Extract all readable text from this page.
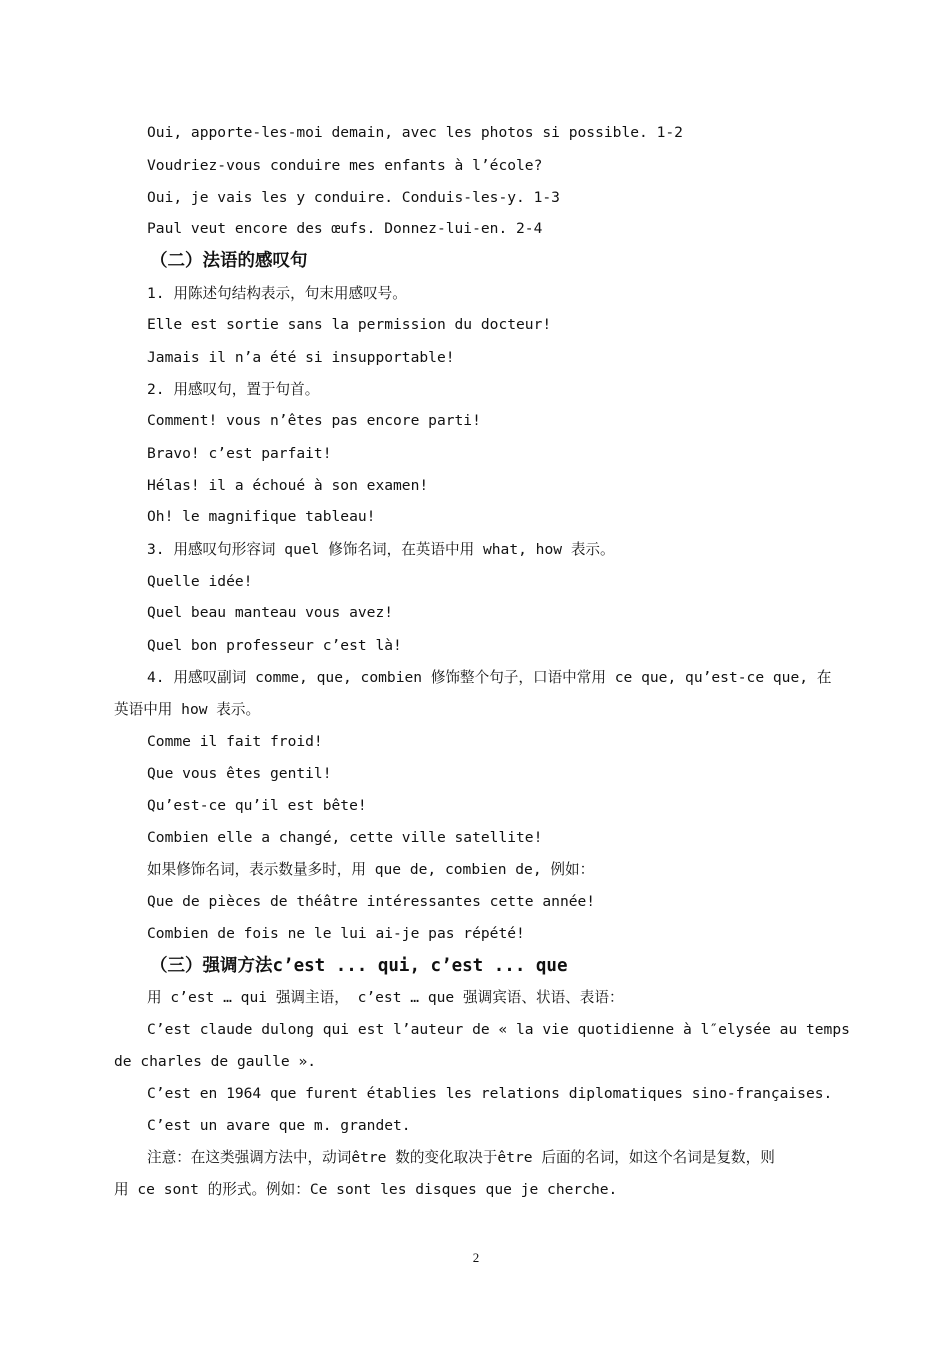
Oui, apporte-les-moi demain, avec les photos si possible. 1-2
Voudriez-vous conduire mes enfants à l’école?
Oui, je vais les y conduire. Conduis-les-y. 1-3
Paul veut encore des œufs. Donnez-lui-en. 2-4
（二）法语的感叹句
1. 用陈述句结构表示，句末用感叹号。
Elle est sortie sans la permission du docteur!
Jamais il n’a été si insupportable!
2. 用感叹句，置于句首。
Comment! vous n’êtes pas encore parti!
Bravo! c’est parfait!
Hélas! il a échoué à son examen!
Oh! le magnifique tableau!
3. 用感叹句形容词 quel 修饰名词，在英语中用 what, how 表示。
Quelle idée!
Quel beau manteau vous avez!
Quel bon professeur c’est là!
4. 用感叹副词 comme, que, combien 修饰整个句子，口语中常用 ce que, qu’est-ce que, 在
英语中用 how 表示。
Comme il fait froid!
Que vous êtes gentil!
Qu’est-ce qu’il est bête!
Combien elle a changé, cette ville satellite!
如果修饰名词，表示数量多时，用 que de, combien de, 例如：
Que de pièces de théâtre intéressantes cette année!
Combien de fois ne le lui ai-je pas répété!
（三）强调方法c’est ... qui, c’est ... que
用 c’est … qui 强调主语， c’est … que 强调宾语、状语、表语：
C’est claude dulong qui est l’auteur de « la vie quotidienne à l″elysée au temps
de charles de gaulle ».
C’est en 1964 que furent établies les relations diplomatiques sino-françaises.
C’est un avare que m. grandet.
注意：在这类强调方法中，动词être 数的变化取决于être 后面的名词，如这个名词是复数，则
用 ce sont 的形式。例如：Ce sont les disques que je cherche.
2
